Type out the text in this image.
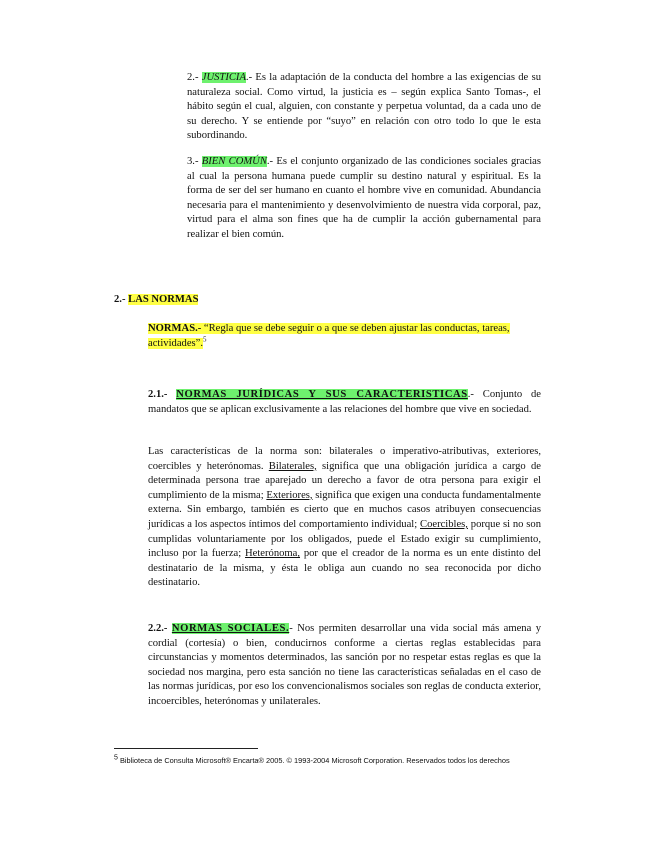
2.- JUSTICIA.- Es la adaptación de la conducta del hombre a las exigencias de su naturaleza social. Como virtud, la justicia es – según explica Santo Tomas-, el hábito según el cual, alguien, con constante y perpetua voluntad, da a cada uno de su derecho. Y se entiende por “suyo” en relación con otro todo lo que le esta subordinando.

3.- BIEN COMÚN.- Es el conjunto organizado de las condiciones sociales gracias al cual la persona humana puede cumplir su destino natural y espiritual. Es la forma de ser del ser humano en cuanto el hombre vive en comunidad. Abundancia necesaria para el mantenimiento y desenvolvimiento de nuestra vida corporal, paz, virtud para el alma son fines que ha de cumplir la acción gubernamental para realizar el bien común.

2.- LAS NORMAS

NORMAS.- “Regla que se debe seguir o a que se deben ajustar las conductas, tareas, actividades”.$^5$

2.1.- NORMAS JURÍDICAS Y SUS CARACTERISTICAS.- Conjunto de mandatos que se aplican exclusivamente a las relaciones del hombre que vive en sociedad.

Las características de la norma son: bilaterales o imperativo-atributivas, exteriores, coercibles y heterónomas. Bilaterales, significa que una obligación jurídica a cargo de determinada persona trae aparejado un derecho a favor de otra persona para exigir el cumplimiento de la misma; Exteriores, significa que exigen una conducta fundamentalmente externa. Sin embargo, también es cierto que en muchos casos atribuyen consecuencias jurídicas a los aspectos íntimos del comportamiento individual; Coercibles, porque si no son cumplidas voluntariamente por los obligados, puede el Estado exigir su cumplimiento, incluso por la fuerza; Heterónoma, por que el creador de la norma es un ente distinto del destinatario de la misma, y ésta le obliga aun cuando no sea reconocida por dicho destinatario.

2.2.- NORMAS SOCIALES.- Nos permiten desarrollar una vida social más amena y cordial (cortesía) o bien, conducirnos conforme a ciertas reglas establecidas para circunstancias y momentos determinados, las sanción por no respetar estas reglas es que la sociedad nos margina, pero esta sanción no tiene las características señaladas en el caso de las normas jurídicas, por eso los convencionalismos sociales son reglas de conducta exterior, incoercibles, heterónomas y unilaterales.

5 Biblioteca de Consulta Microsoft® Encarta® 2005. © 1993-2004 Microsoft Corporation. Reservados todos los derechos
